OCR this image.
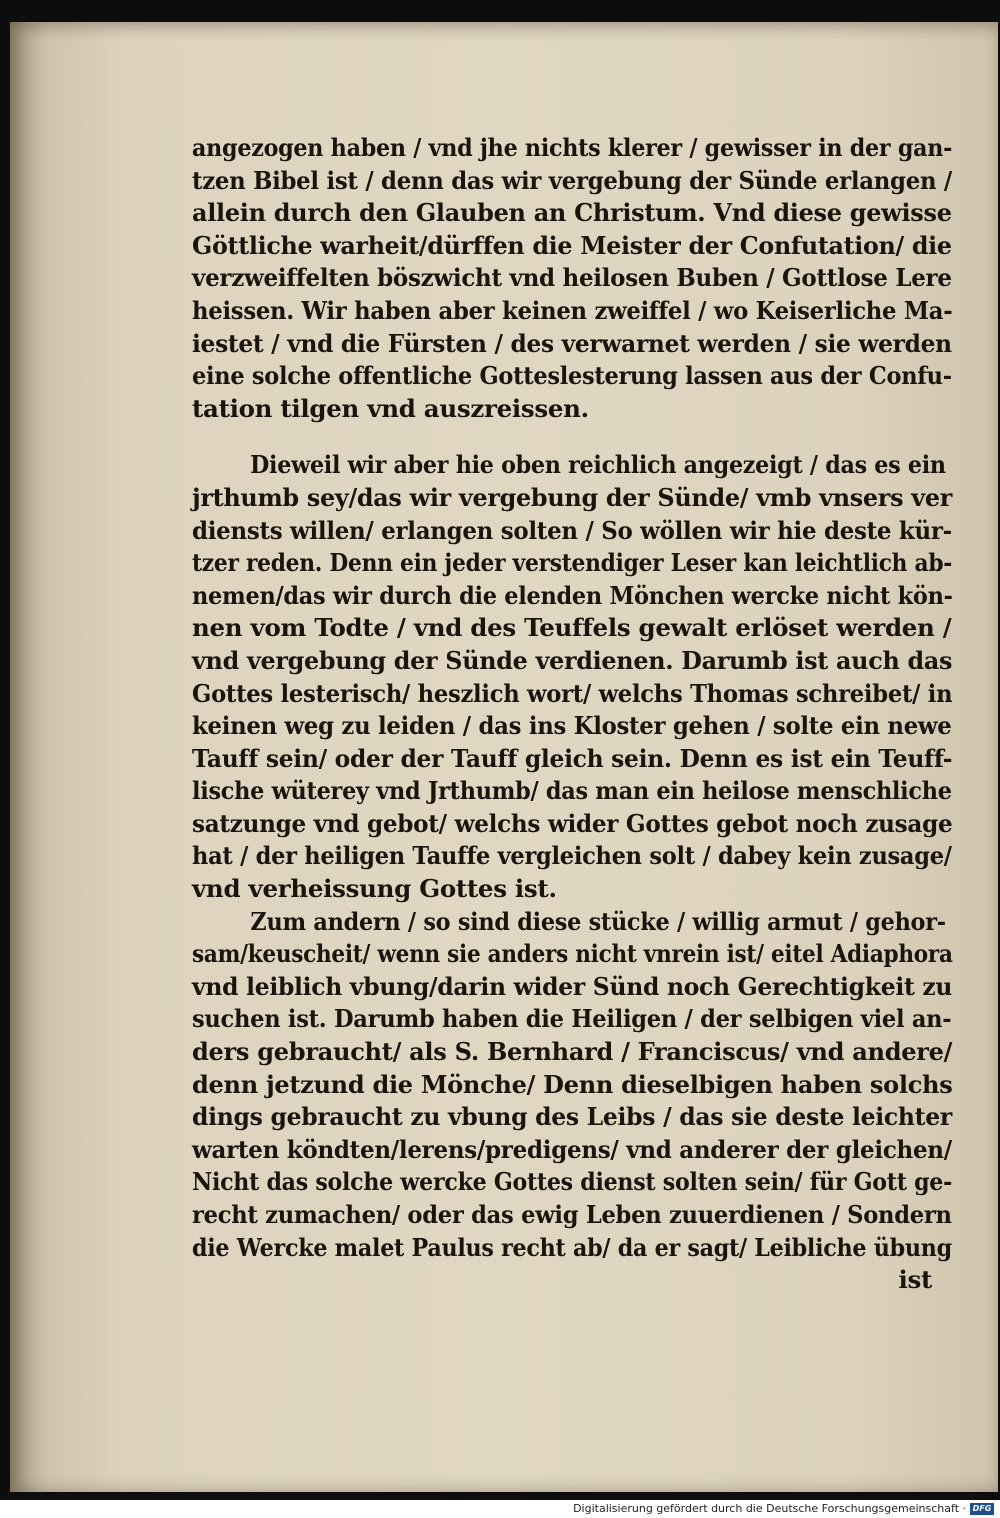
angezogen haben / vnd jhe nichts klerer / gewisser in der gan-
tzen Bibel ist / denn das wir vergebung der Sünde erlangen /
allein durch den Glauben an Christum. Vnd diese gewisse
Göttliche warheit/dürffen die Meister der Confutation/ die
verzweiffelten böszwicht vnd heilosen Buben / Gottlose Lere
heissen. Wir haben aber keinen zweiffel / wo Keiserliche Ma-
iestet / vnd die Fürsten / des verwarnet werden / sie werden
eine solche offentliche Gotteslesterung lassen aus der Confu-
tation tilgen vnd auszreissen.
Dieweil wir aber hie oben reichlich angezeigt / das es ein
jrthumb sey/das wir vergebung der Sünde/ vmb vnsers ver
diensts willen/ erlangen solten / So wöllen wir hie deste kür-
tzer reden. Denn ein jeder verstendiger Leser kan leichtlich ab-
nemen/das wir durch die elenden Mönchen wercke nicht kön-
nen vom Todte / vnd des Teuffels gewalt erlöset werden /
vnd vergebung der Sünde verdienen. Darumb ist auch das
Gottes lesterisch/ heszlich wort/ welchs Thomas schreibet/ in
keinen weg zu leiden / das ins Kloster gehen / solte ein newe
Tauff sein/ oder der Tauff gleich sein. Denn es ist ein Teuff-
lische wüterey vnd Jrthumb/ das man ein heilose menschliche
satzunge vnd gebot/ welchs wider Gottes gebot noch zusage
hat / der heiligen Tauffe vergleichen solt / dabey kein zusage/
vnd verheissung Gottes ist.
Zum andern / so sind diese stücke / willig armut / gehor-
sam/keuscheit/ wenn sie anders nicht vnrein ist/ eitel Adiaphora
vnd leiblich vbung/darin wider Sünd noch Gerechtigkeit zu
suchen ist. Darumb haben die Heiligen / der selbigen viel an-
ders gebraucht/ als S. Bernhard / Franciscus/ vnd andere/
denn jetzund die Mönche/ Denn dieselbigen haben solchs
dings gebraucht zu vbung des Leibs / das sie deste leichter
warten köndten/lerens/predigens/ vnd anderer der gleichen/
Nicht das solche wercke Gottes dienst solten sein/ für Gott ge-
recht zumachen/ oder das ewig Leben zuuerdienen / Sondern
die Wercke malet Paulus recht ab/ da er sagt/ Leibliche übung
ist
Digitalisierung gefördert durch die Deutsche Forschungsgemeinschaft · DFG
